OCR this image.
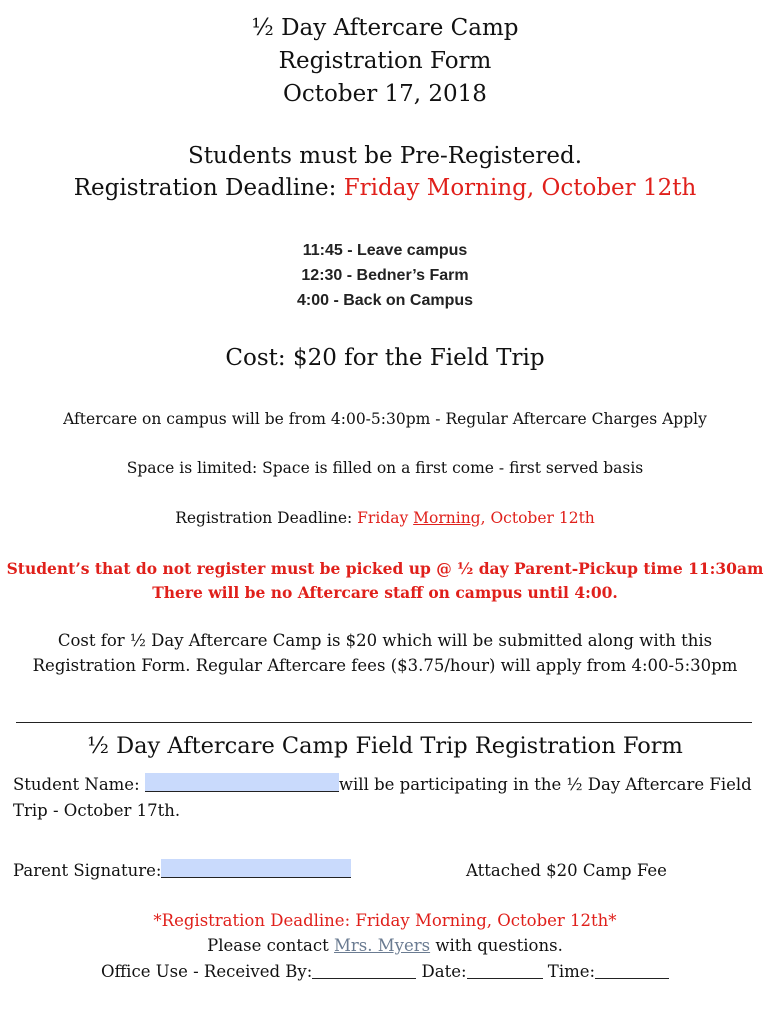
½ Day Aftercare Camp

Registration Form

October 17, 2018

Students must be Pre-Registered.

Registration Deadline: Friday Morning, October 12th

11:45 - Leave campus

12:30 - Bedner’s Farm

4:00 - Back on Campus

Cost: $20 for the Field Trip
Aftercare on campus will be from 4:00-5:30pm - Regular Aftercare Charges Apply
Space is limited: Space is filled on a first come - first served basis
Registration Deadline: Friday Morning, October 12th

Student’s that do not register must be picked up @ ½ day Parent-Pickup time 11:30am

There will be no Aftercare staff on campus until 4:00.

Cost for ½ Day Aftercare Camp is $20 which will be submitted along with this Registration Form. Regular Aftercare fees ($3.75/hour) will apply from 4:00-5:30pm
½ Day Aftercare Camp Field Trip Registration Form
Student Name:	will be participating in the ½ Day Aftercare Field Trip - October 17th.
Parent Signature:	Attached $20 Camp Fee
*Registration Deadline: Friday Morning, October 12th*
Please contact Mrs. Myers with questions.
Office Use - Received By:	Date:	Time:
